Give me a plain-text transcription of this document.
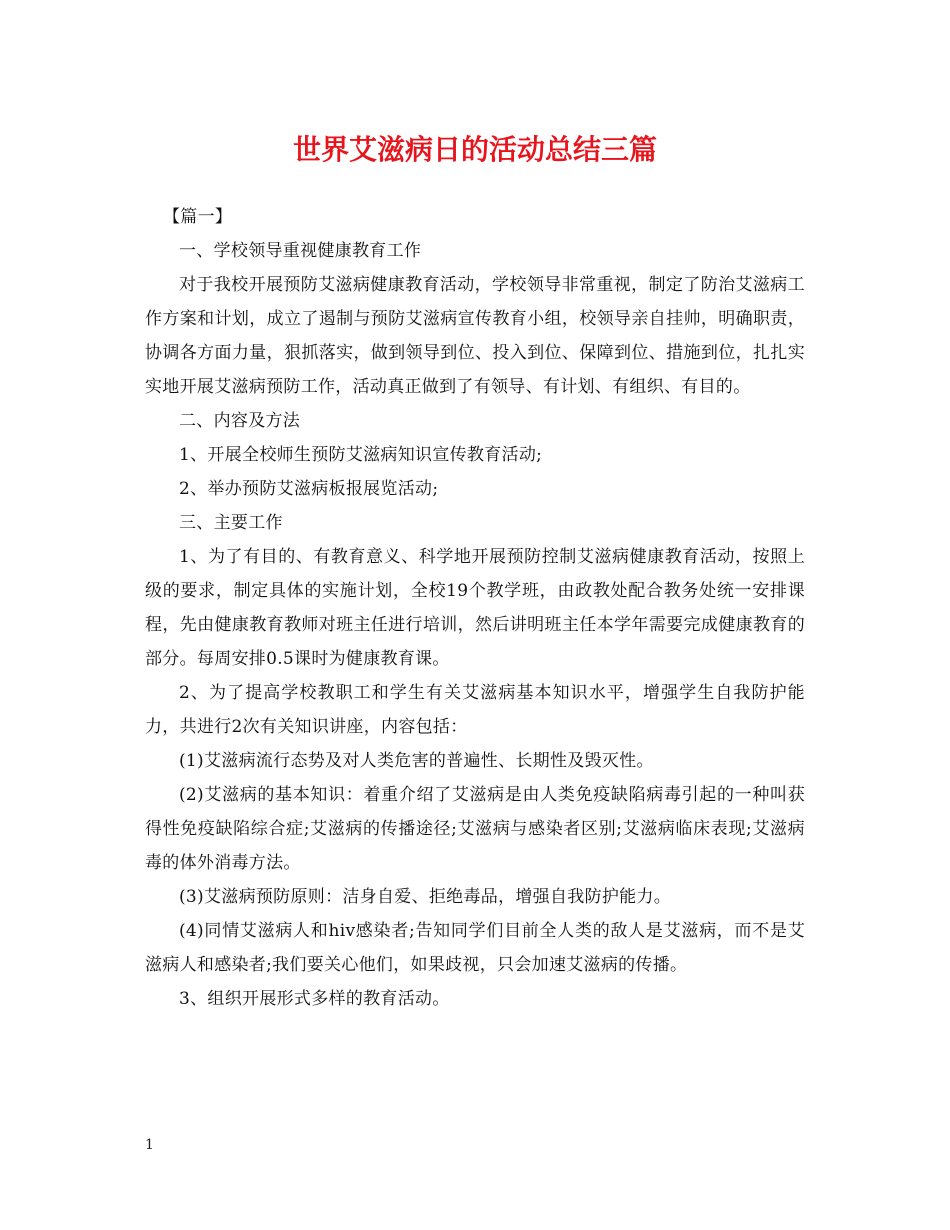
世界艾滋病日的活动总结三篇

【篇一】

一、学校领导重视健康教育工作

对于我校开展预防艾滋病健康教育活动，学校领导非常重视，制定了防治艾滋病工作方案和计划，成立了遏制与预防艾滋病宣传教育小组，校领导亲自挂帅，明确职责，协调各方面力量，狠抓落实，做到领导到位、投入到位、保障到位、措施到位，扎扎实实地开展艾滋病预防工作，活动真正做到了有领导、有计划、有组织、有目的。

二、内容及方法

1、开展全校师生预防艾滋病知识宣传教育活动;

2、举办预防艾滋病板报展览活动;

三、主要工作

1、为了有目的、有教育意义、科学地开展预防控制艾滋病健康教育活动，按照上级的要求，制定具体的实施计划，全校19个教学班，由政教处配合教务处统一安排课程，先由健康教育教师对班主任进行培训，然后讲明班主任本学年需要完成健康教育的部分。每周安排0.5课时为健康教育课。

2、为了提高学校教职工和学生有关艾滋病基本知识水平，增强学生自我防护能力，共进行2次有关知识讲座，内容包括：

(1)艾滋病流行态势及对人类危害的普遍性、长期性及毁灭性。

(2)艾滋病的基本知识：着重介绍了艾滋病是由人类免疫缺陷病毒引起的一种叫获得性免疫缺陷综合症;艾滋病的传播途径;艾滋病与感染者区别;艾滋病临床表现;艾滋病毒的体外消毒方法。

(3)艾滋病预防原则：洁身自爱、拒绝毒品，增强自我防护能力。

(4)同情艾滋病人和hiv感染者;告知同学们目前全人类的敌人是艾滋病，而不是艾滋病人和感染者;我们要关心他们，如果歧视，只会加速艾滋病的传播。

3、组织开展形式多样的教育活动。

1
